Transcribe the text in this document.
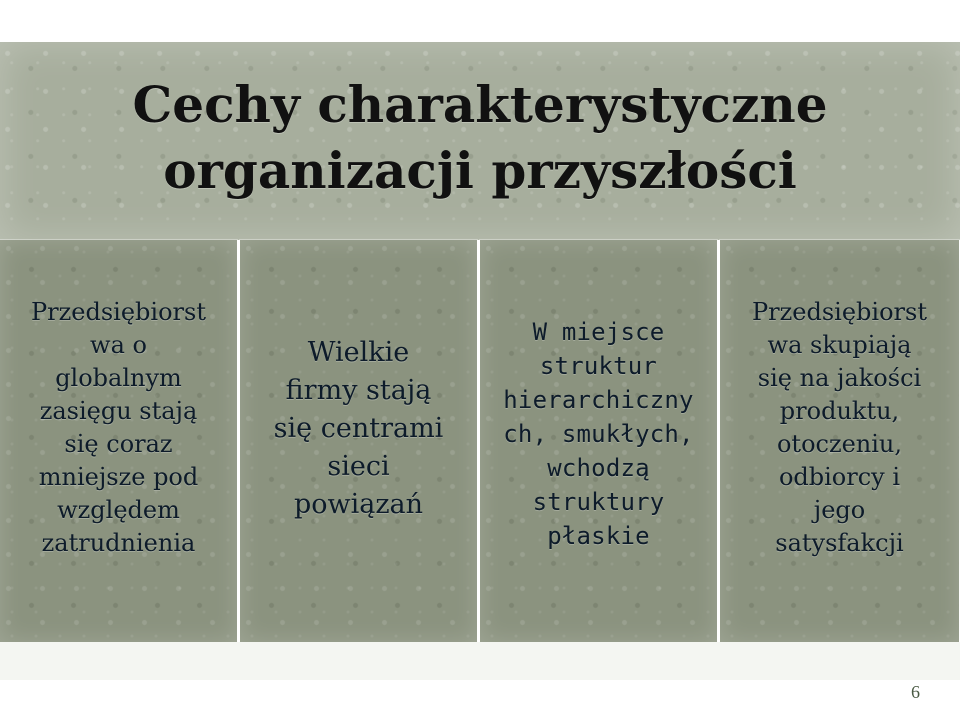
Cechy charakterystyczne
organizacji przyszłości
Przedsiębiorst
wa o
globalnym
zasięgu stają
się coraz
mniejsze pod
względem
zatrudnienia
Wielkie
firmy stają
się centrami
sieci
powiązań
W miejsce
struktur
hierarchiczny
ch, smukłych,
wchodzą
struktury
płaskie
Przedsiębiorst
wa skupiają
się na jakości
produktu,
otoczeniu,
odbiorcy i
jego
satysfakcji
6
